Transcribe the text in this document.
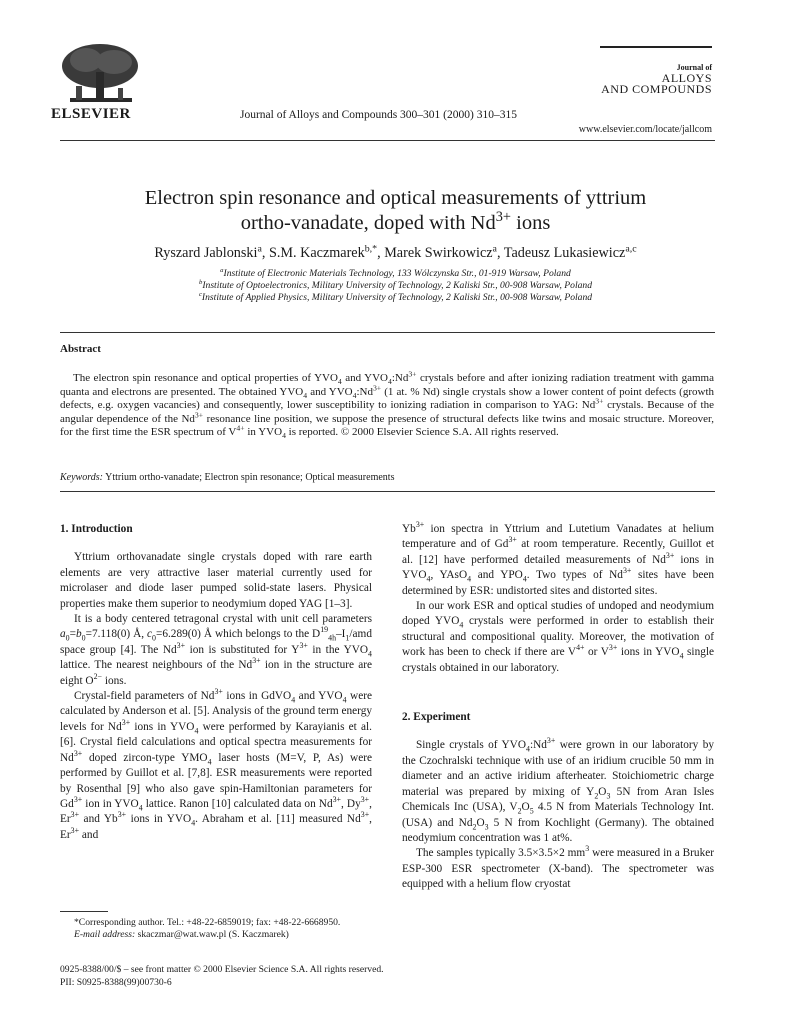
ELSEVIER	Journal of Alloys and Compounds 300–301 (2000) 310–315
Journal of
ALLOYS
AND COMPOUNDS
www.elsevier.com/locate/jallcom
Electron spin resonance and optical measurements of yttrium
ortho-vanadate, doped with $Nd^{3+}$ ions
Ryszard Jablonski$^a$, S.M. Kaczmarek$^{b,*}$, Marek Swirkowicz$^a$, Tadeusz Lukasiewicz$^{a,c}$
$^a$Institute of Electronic Materials Technology, 133 Wólczynska Str., 01-919 Warsaw, Poland
$^b$Institute of Optoelectronics, Military University of Technology, 2 Kaliski Str., 00-908 Warsaw, Poland
$^c$Institute of Applied Physics, Military University of Technology, 2 Kaliski Str., 00-908 Warsaw, Poland
Abstract
The electron spin resonance and optical properties of $YVO_4$ and $YVO_4:Nd^{3+}$ crystals before and after ionizing radiation treatment with gamma quanta and electrons are presented. The obtained $YVO_4$ and $YVO_4:Nd^{3+}$ (1 at. % Nd) single crystals show a lower content of point defects (growth defects, e.g. oxygen vacancies) and consequently, lower susceptibility to ionizing radiation in comparison to YAG: $Nd^{3+}$ crystals. Because of the angular dependence of the $Nd^{3+}$ resonance line position, we suppose the presence of structural defects like twins and mosaic structure. Moreover, for the first time the ESR spectrum of $V^{4+}$ in $YVO_4$ is reported. © 2000 Elsevier Science S.A. All rights reserved.
Keywords: Yttrium ortho-vanadate; Electron spin resonance; Optical measurements
1. Introduction

Yttrium orthovanadate single crystals doped with rare earth elements are very attractive laser material currently used for microlaser and diode laser pumped solid-state lasers. Physical properties make them superior to neodymium doped YAG [1–3].

It is a body centered tetragonal crystal with unit cell parameters $a_0=b_0=7.118(0)$ Å, $c_0=6.289(0)$ Å which belongs to the $D^{19}_{4h}-I_1$/amd space group [4]. The $Nd^{3+}$ ion is substituted for $Y^{3+}$ in the $YVO_4$ lattice. The nearest neighbours of the $Nd^{3+}$ ion in the structure are eight $O^{2-}$ ions.

Crystal-field parameters of $Nd^{3+}$ ions in GdVO$_4$ and $YVO_4$ were calculated by Anderson et al. [5]. Analysis of the ground term energy levels for $Nd^{3+}$ ions in $YVO_4$ were performed by Karayianis et al. [6]. Crystal field calculations and optical spectra measurements for $Nd^{3+}$ doped zircon-type $YMO_4$ laser hosts (M=V, P, As) were performed by Guillot et al. [7,8]. ESR measurements were reported by Rosenthal [9] who also gave spin-Hamiltonian parameters for $Gd^{3+}$ ion in $YVO_4$ lattice. Ranon [10] calculated data on $Nd^{3+}$, $Dy^{3+}$, $Er^{3+}$ and $Yb^{3+}$ ions in $YVO_4$. Abraham et al. [11] measured $Nd^{3+}$, $Er^{3+}$ and

*Corresponding author. Tel.: +48-22-6859019; fax: +48-22-6668950.
E-mail address: skaczmar@wat.waw.pl (S. Kaczmarek)

$Yb^{3+}$ ion spectra in Yttrium and Lutetium Vanadates at helium temperature and of $Gd^{3+}$ at room temperature. Recently, Guillot et al. [12] have performed detailed measurements of $Nd^{3+}$ ions in $YVO_4$, YAsO$_4$ and $YPO_4$. Two types of $Nd^{3+}$ sites have been determined by ESR: undistorted sites and distorted sites.

In our work ESR and optical studies of undoped and neodymium doped $YVO_4$ crystals were performed in order to establish their structural and compositional quality. Moreover, the motivation of work has been to check if there are $V^{4+}$ or $V^{3+}$ ions in $YVO_4$ single crystals obtained in our laboratory.

2. Experiment

Single crystals of $YVO_4:Nd^{3+}$ were grown in our laboratory by the Czochralski technique with use of an iridium crucible 50 mm in diameter and an active iridium afterheater. Stoichiometric charge material was prepared by mixing of $Y_2O_3$ 5N from Aran Isles Chemicals Inc (USA), $V_2O_5$ 4.5 N from Materials Technology Int.(USA) and $Nd_2O_3$ 5 N from Kochlight (Germany). The obtained neodymium concentration was 1 at%.

The samples typically 3.5×3.5×2 $mm^3$ were measured in a Bruker ESP-300 ESR spectrometer (X-band). The spectrometer was equipped with a helium flow cryostat

0925-8388/00/$ – see front matter © 2000 Elsevier Science S.A. All rights reserved.
PII: S0925-8388(99)00730-6
